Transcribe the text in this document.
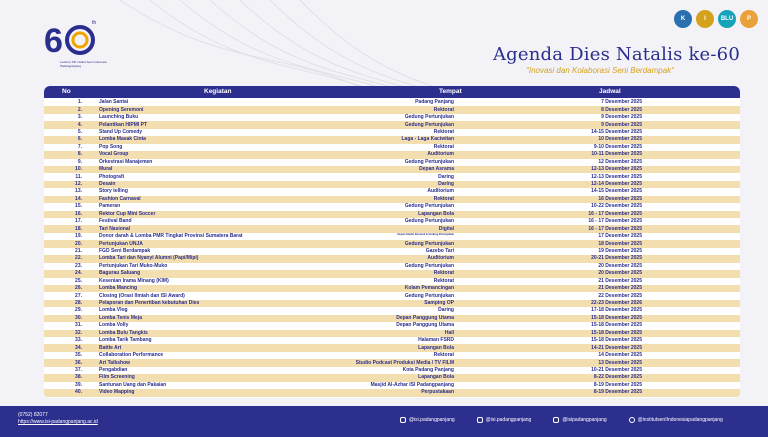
6	th
Lustrum XIII Institut Seni Indonesia Padangpanjang
K	I	BLU	P
Agenda Dies Natalis ke-60
"Inovasi dan Kolaborasi Seni Berdampak"
No	Kegiatan	Tempat	Jadwal
1.	Jalan Santai	Padang Panjang	7 Desember 2025
2.	Opening Seremoni	Rektorat	8 Desember 2025
3.	Launching Buku	Gedung Pertunjukan	9 Desember 2025
4.	Pelantikan HIPMI PT	Gedung Pertunjukan	9 Desember 2025
5.	Stand Up Comedy	Rektorat	14-15 Desember 2025
6.	Lomba Masak Cinta	Laga - Laga Kaciwitan	10 Desember 2025
7.	Pop Song	Rektorat	9-10 Desember 2025
8.	Vocal Group	Auditorium	10-11 Desember 2025
9.	Orkestrasi Manajemen	Gedung Pertunjukan	12 Desember 2025
10.	Mural	Depan Asrama	12-13 Desember 2025
11.	Photografi	Daring	12-13 Desember 2025
12.	Desain	Daring	12-14 Desember 2025
13.	Story telling	Auditorium	14-15 Desember 2025
14.	Fashion Carnaval	Rektorat	16 Desember 2025
15.	Pameran	Gedung Pertunjukan	10-22 Desember 2025
16.	Rektor Cup Mini Soccer	Lapangan Bola	16 - 17 Desember 2025
17.	Festival Band	Gedung Pertunjukan	16 - 17 Desember 2025
18.	Tari Nasional	Digital	16 - 17 Desember 2025
19.	Donor darah & Lomba PMR Tingkat Provinsi Sumatera Barat	Depan Studio Desmod & Gedung Pertunjukan	17 Desember 2025
20.	Pertunjukan UNJA	Gedung Pertunjukan	18 Desember 2025
21.	FGD Seni Berdampak	Gazebo Tari	19 Desember 2025
22.	Lomba Tari dan Nyanyi Alumni (Papi/Mipi)	Auditorium	20-21 Desember 2025
23.	Pertunjukan Tari Muko-Muko	Gedung Pertunjukan	20 Desember 2025
24.	Bagurau Saluang	Rektorat	20 Desember 2025
25.	Kesenian Irama Minang (KIM)	Rektorat	21 Desember 2025
26.	Lomba Mancing	Kolam Pemancingan	21 Desember 2025
27.	Closing (Orasi Ilmiah dan ISI Award)	Gedung Pertunjukan	22 Desember 2025
28.	Pelaporan dan Penertiban kebutuhan Dies	Samping OP	22-23 Desember 2026
29.	Lomba Vlog	Daring	17-18 Desember 2025
30.	Lomba Tenis Meja	Depan Panggung Utama	15-18 Desember 2025
31.	Lomba Volly	Depan Panggung Utama	15-18 Desember 2025
32.	Lomba Bulu Tangkis	Hall	15-18 Desember 2025
33.	Lomba Tarik Tambang	Halaman FSRD	15-18 Desember 2025
34.	Battle Art	Lapangan Bola	14-21 Desember 2025
35.	Collaboration Performance	Rektorat	14 Desember 2025
36.	Art Talkshow	Studio Podcast Produksi Media / TV FILM	13 Desember 2025
37.	Pengabdian	Kota Padang Panjang	10-21 Desember 2025
38.	Film Screening	Lapangan Bola	8-22 Desember 2025
39.	Santunan Uang dan Pakaian	Masjid Al-Azhar ISI Padangpanjang	8-19 Desember 2025
40.	Video Mapping	Perpustakaan	8-19 Desember 2025
(0752) 82077
https://www.isi-padangpanjang.ac.id	@isi.padangpanjang	@isi.padangpanjang	@isipadangpanjang	@institutsenIIndonesiapadangpanjang
